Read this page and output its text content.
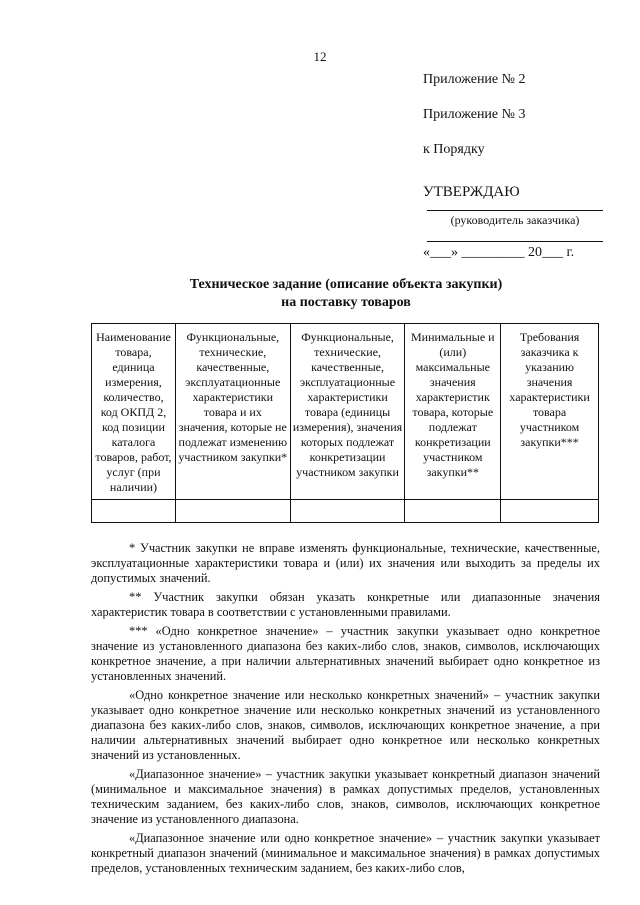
12
Приложение № 2
Приложение № 3
к Порядку
УТВЕРЖДАЮ
(руководитель заказчика)
«___» _________ 20___ г.
Техническое задание (описание объекта закупки)
на поставку товаров
Наименование товара, единица измерения, количество, код ОКПД 2, код позиции каталога товаров, работ, услуг (при наличии)	Функциональные, технические, качественные, эксплуатационные характеристики товара и их значения, которые не подлежат изменению участником закупки*	Функциональные, технические, качественные, эксплуатационные характеристики товара (единицы измерения), значения которых подлежат конкретизации участником закупки	Минимальные и (или) максимальные значения характеристик товара, которые подлежат конкретизации участником закупки**	Требования заказчика к указанию значения характеристики товара участником закупки***

* Участник закупки не вправе изменять функциональные, технические, качественные, эксплуатационные характеристики товара и (или) их значения или выходить за пределы их допустимых значений.

** Участник закупки обязан указать конкретные или диапазонные значения характеристик товара в соответствии с установленными правилами.

*** «Одно конкретное значение» – участник закупки указывает одно конкретное значение из установленного диапазона без каких-либо слов, знаков, символов, исключающих конкретное значение, а при наличии альтернативных значений выбирает одно конкретное из установленных значений.

«Одно конкретное значение или несколько конкретных значений» – участник закупки указывает одно конкретное значение или несколько конкретных значений из установленного диапазона без каких-либо слов, знаков, символов, исключающих конкретное значение, а при наличии альтернативных значений выбирает одно конкретное или несколько конкретных значений из установленных.

«Диапазонное значение» – участник закупки указывает конкретный диапазон значений (минимальное и максимальное значения) в рамках допустимых пределов, установленных техническим заданием, без каких-либо слов, знаков, символов, исключающих конкретное значение из установленного диапазона.

«Диапазонное значение или одно конкретное значение» – участник закупки указывает конкретный диапазон значений (минимальное и максимальное значения) в рамках допустимых пределов, установленных техническим заданием, без каких-либо слов,
